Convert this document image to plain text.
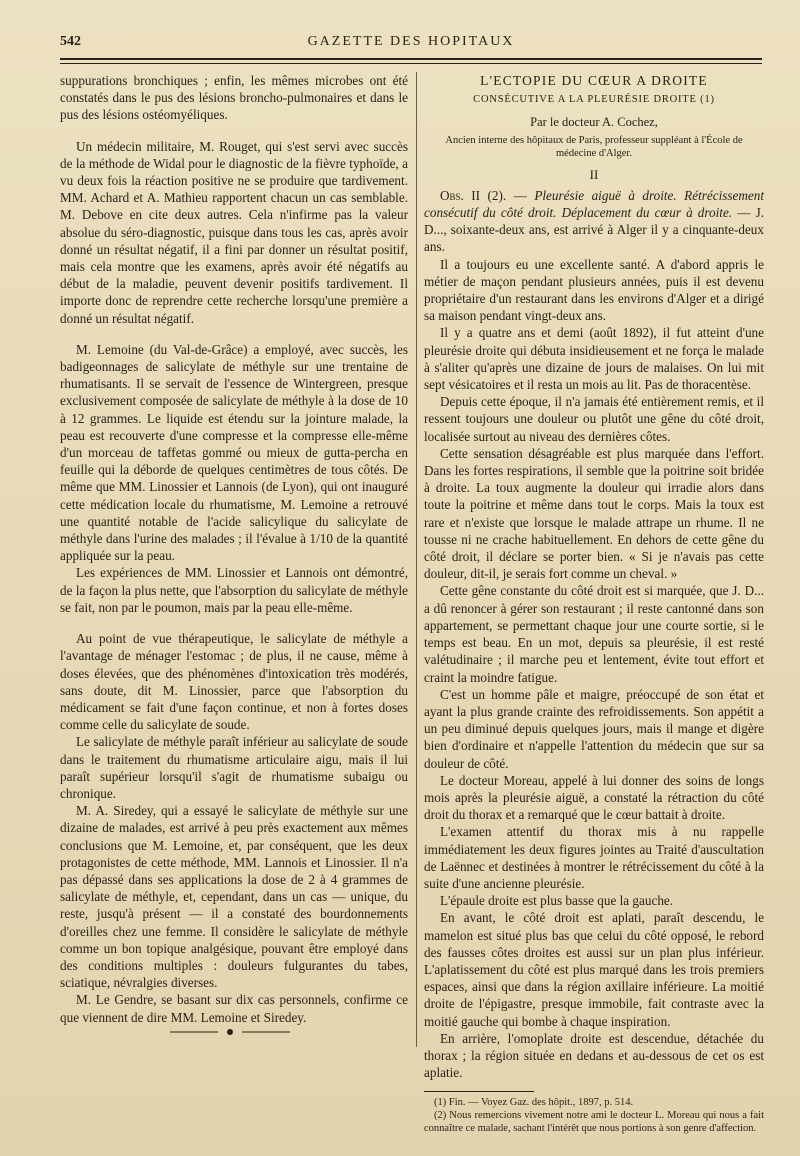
542	GAZETTE DES HOPITAUX

suppurations bronchiques ; enfin, les mêmes microbes ont été constatés dans le pus des lésions broncho-pulmonaires et dans le pus des lésions ostéomyéliques.

Un médecin militaire, M. Rouget, qui s'est servi avec succès de la méthode de Widal pour le diagnostic de la fièvre typhoïde, a vu deux fois la réaction positive ne se produire que tardivement. MM. Achard et A. Mathieu rapportent chacun un cas semblable. M. Debove en cite deux autres. Cela n'infirme pas la valeur absolue du séro-diagnostic, puisque dans tous les cas, après avoir donné un résultat négatif, il a fini par donner un résultat positif, mais cela montre que les examens, après avoir été négatifs au début de la maladie, peuvent devenir positifs tardivement. Il importe donc de reprendre cette recherche lorsqu'une première a donné un résultat négatif.

M. Lemoine (du Val-de-Grâce) a employé, avec succès, les badigeonnages de salicylate de méthyle sur une trentaine de rhumatisants. Il se servait de l'essence de Wintergreen, presque exclusivement composée de salicylate de méthyle à la dose de 10 à 12 grammes. Le liquide est étendu sur la jointure malade, la peau est recouverte d'une compresse et la compresse elle-même d'un morceau de taffetas gommé ou mieux de gutta-percha en feuille qui la déborde de quelques centimètres de tous côtés. De même que MM. Linossier et Lannois (de Lyon), qui ont inauguré cette médication locale du rhumatisme, M. Lemoine a retrouvé une quantité notable de l'acide salicylique du salicylate de méthyle dans l'urine des malades ; il l'évalue à 1/10 de la quantité appliquée sur la peau.

Les expériences de MM. Linossier et Lannois ont démontré, de la façon la plus nette, que l'absorption du salicylate de méthyle se fait, non par le poumon, mais par la peau elle-même.

Au point de vue thérapeutique, le salicylate de méthyle a l'avantage de ménager l'estomac ; de plus, il ne cause, même à doses élevées, que des phénomènes d'intoxication très modérés, sans doute, dit M. Linossier, parce que l'absorption du médicament se fait d'une façon continue, et non à fortes doses comme celle du salicylate de soude.

Le salicylate de méthyle paraît inférieur au salicylate de soude dans le traitement du rhumatisme articulaire aigu, mais il lui paraît supérieur lorsqu'il s'agit de rhumatisme subaigu ou chronique.

M. A. Siredey, qui a essayé le salicylate de méthyle sur une dizaine de malades, est arrivé à peu près exactement aux mêmes conclusions que M. Lemoine, et, par conséquent, que les deux protagonistes de cette méthode, MM. Lannois et Linossier. Il n'a pas dépassé dans ses applications la dose de 2 à 4 grammes de salicylate de méthyle, et, cependant, dans un cas — unique, du reste, jusqu'à présent — il a constaté des bourdonnements d'oreilles chez une femme. Il considère le salicylate de méthyle comme un bon topique analgésique, pouvant être employé dans des conditions multiples : douleurs fulgurantes du tabes, sciatique, névralgies diverses.

M. Le Gendre, se basant sur dix cas personnels, confirme ce que viennent de dire MM. Lemoine et Siredey.

L'ECTOPIE DU CŒUR A DROITE

CONSÉCUTIVE A LA PLEURÉSIE DROITE (1)

Par le docteur A. Cochez,

Ancien interne des hôpitaux de Paris, professeur suppléant à l'École de médecine d'Alger.

II

Obs. II (2). — Pleurésie aiguë à droite. Rétrécissement consécutif du côté droit. Déplacement du cœur à droite. — J. D..., soixante-deux ans, est arrivé à Alger il y a cinquante-deux ans.

Il a toujours eu une excellente santé. A d'abord appris le métier de maçon pendant plusieurs années, puis il est devenu propriétaire d'un restaurant dans les environs d'Alger et a dirigé sa maison pendant vingt-deux ans.

Il y a quatre ans et demi (août 1892), il fut atteint d'une pleurésie droite qui débuta insidieusement et ne força le malade à s'aliter qu'après une dizaine de jours de malaises. On lui mit sept vésicatoires et il resta un mois au lit. Pas de thoracentèse.

Depuis cette époque, il n'a jamais été entièrement remis, et il ressent toujours une douleur ou plutôt une gêne du côté droit, localisée surtout au niveau des dernières côtes.

Cette sensation désagréable est plus marquée dans l'effort. Dans les fortes respirations, il semble que la poitrine soit bridée à droite. La toux augmente la douleur qui irradie alors dans toute la poitrine et même dans tout le corps. Mais la toux est rare et n'existe que lorsque le malade attrape un rhume. Il ne tousse ni ne crache habituellement. En dehors de cette gêne du côté droit, il déclare se porter bien. « Si je n'avais pas cette douleur, dit-il, je serais fort comme un cheval. »

Cette gêne constante du côté droit est si marquée, que J. D... a dû renoncer à gérer son restaurant ; il reste cantonné dans son appartement, se permettant chaque jour une courte sortie, si le temps est beau. En un mot, depuis sa pleurésie, il est resté valétudinaire ; il marche peu et lentement, évite tout effort et craint la moindre fatigue.

C'est un homme pâle et maigre, préoccupé de son état et ayant la plus grande crainte des refroidissements. Son appétit a un peu diminué depuis quelques jours, mais il mange et digère bien d'ordinaire et n'appelle l'attention du médecin que sur sa douleur de côté.

Le docteur Moreau, appelé à lui donner des soins de longs mois après la pleurésie aiguë, a constaté la rétraction du côté droit du thorax et a remarqué que le cœur battait à droite.

L'examen attentif du thorax mis à nu rappelle immédiatement les deux figures jointes au Traité d'auscultation de Laënnec et destinées à montrer le rétrécissement du côté à la suite d'une ancienne pleurésie.

L'épaule droite est plus basse que la gauche.

En avant, le côté droit est aplati, paraît descendu, le mamelon est situé plus bas que celui du côté opposé, le rebord des fausses côtes droites est aussi sur un plan plus inférieur. L'aplatissement du côté est plus marqué dans les trois premiers espaces, ainsi que dans la région axillaire inférieure. La moitié droite de l'épigastre, presque immobile, fait contraste avec la moitié gauche qui bombe à chaque inspiration.

En arrière, l'omoplate droite est descendue, détachée du thorax ; la région située en dedans et au-dessous de cet os est aplatie.

(1) Fin. — Voyez Gaz. des hôpit., 1897, p. 514.

(2) Nous remercions vivement notre ami le docteur L. Moreau qui nous a fait connaître ce malade, sachant l'intérêt que nous portions à son genre d'affection.
